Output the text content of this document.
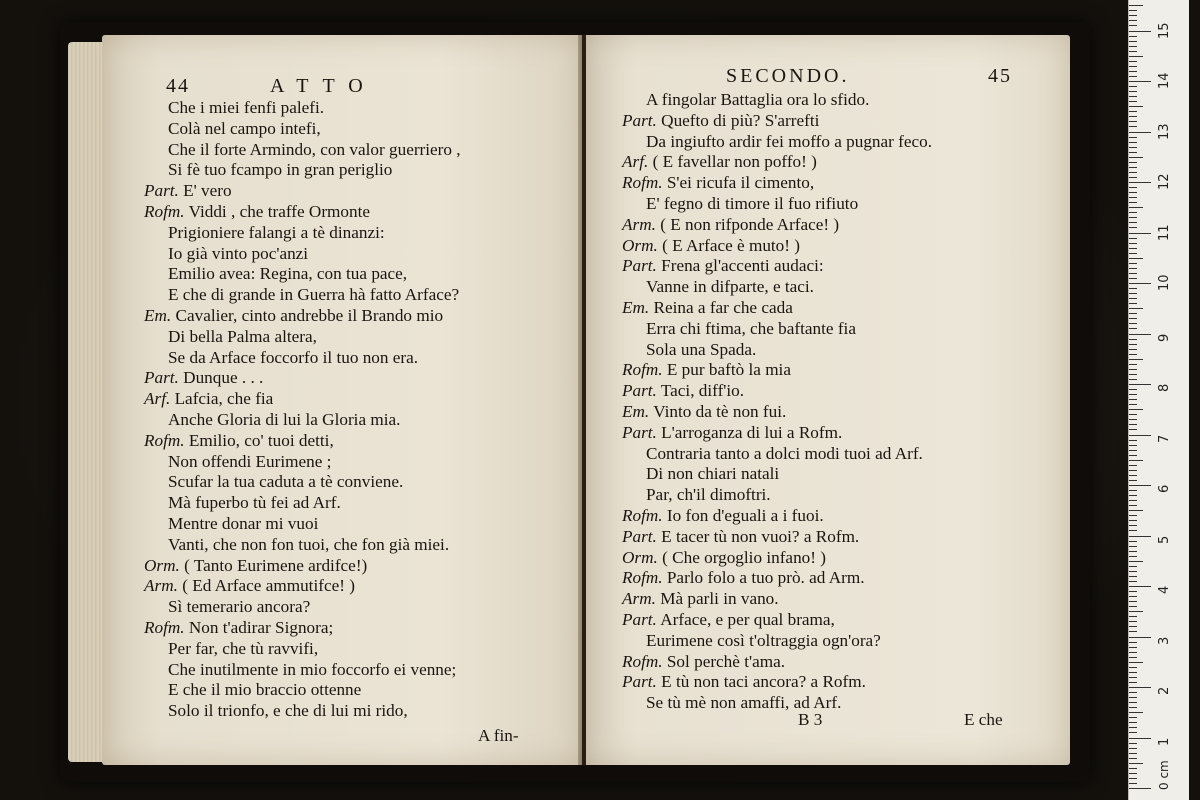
44	ATTO
Che i miei fenfi palefi.
Colà nel campo intefi,
Che il forte Armindo, con valor guerriero ,
Si fè tuo fcampo in gran periglio
Part. E' vero
Rofm. Viddi , che traffe Ormonte
Prigioniere falangi a tè dinanzi:
Io già vinto poc'anzi
Emilio avea: Regina, con tua pace,
E che di grande in Guerra hà fatto Arface?
Em. Cavalier, cinto andrebbe il Brando mio
Di bella Palma altera,
Se da Arface foccorfo il tuo non era.
Part. Dunque . . .
Arf. Lafcia, che fia
Anche Gloria di lui la Gloria mia.
Rofm. Emilio, co' tuoi detti,
Non offendi Eurimene ;
Scufar la tua caduta a tè conviene.
Mà fuperbo tù fei ad Arf.
Mentre donar mi vuoi
Vanti, che non fon tuoi, che fon già miei.
Orm. ( Tanto Eurimene ardifce!)
Arm. ( Ed Arface ammutifce! )
Sì temerario ancora?
Rofm. Non t'adirar Signora;
Per far, che tù ravvifi,
Che inutilmente in mio foccorfo ei venne;
E che il mio braccio ottenne
Solo il trionfo, e che di lui mi rido,
A fin-
SECONDO.	45
A fingolar Battaglia ora lo sfido.
Part. Quefto di più? S'arrefti
Da ingiufto ardir fei moffo a pugnar feco.
Arf. ( E favellar non poffo! )
Rofm. S'ei ricufa il cimento,
E' fegno di timore il fuo rifiuto
Arm. ( E non rifponde Arface! )
Orm. ( E Arface è muto! )
Part. Frena gl'accenti audaci:
Vanne in difparte, e taci.
Em. Reina a far che cada
Erra chi ftima, che baftante fia
Sola una Spada.
Rofm. E pur baftò la mia
Part. Taci, diff'io.
Em. Vinto da tè non fui.
Part. L'arroganza di lui a Rofm.
Contraria tanto a dolci modi tuoi ad Arf.
Di non chiari natali
Par, ch'il dimoftri.
Rofm. Io fon d'eguali a i fuoi.
Part. E tacer tù non vuoi? a Rofm.
Orm. ( Che orgoglio infano! )
Rofm. Parlo folo a tuo prò. ad Arm.
Arm. Mà parli in vano.
Part. Arface, e per qual brama,
Eurimene così t'oltraggia ogn'ora?
Rofm. Sol perchè t'ama.
Part. E tù non taci ancora? a Rofm.
Se tù mè non amaffi, ad Arf.
B 3	E che
0 cm
1
2
3
4
5
6
7
8
9
10
11
12
13
14
15
